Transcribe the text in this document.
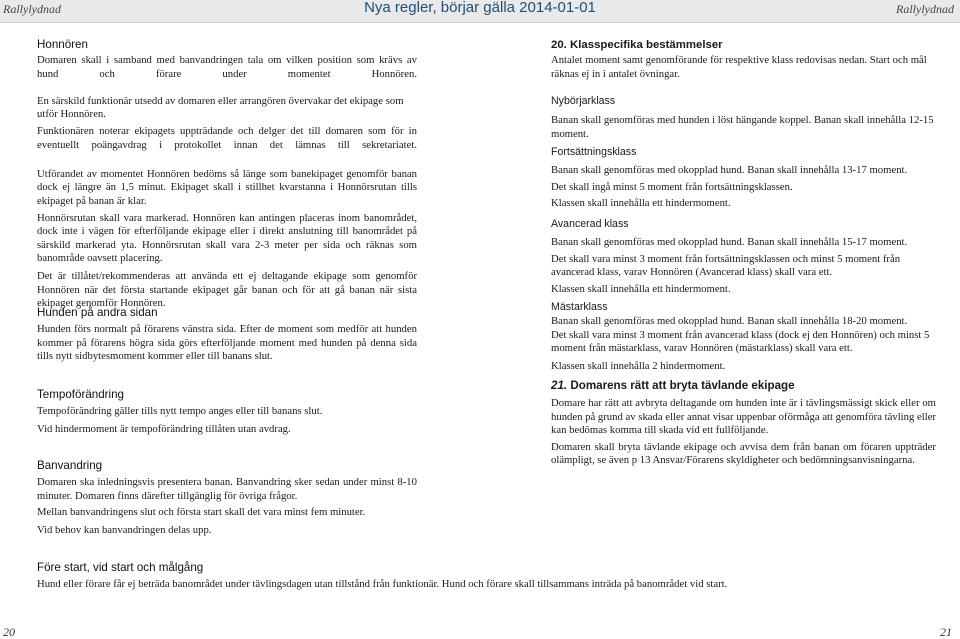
Rallylydnad	Nya regler, börjar gälla 2014-01-01	Rallylydnad
Honnören
Domaren skall i samband med banvandringen tala om vilken position som krävs av hund och förare under momentet Honnören.
En särskild funktionär utsedd av domaren eller arrangören övervakar det ekipage som utför Honnören.
Funktionären noterar ekipagets uppträdande och delger det till domaren som för in eventuellt poängavdrag i protokollet innan det lämnas till sekretariatet.
Utförandet av momentet Honnören bedöms så länge som banekipaget genomför banan dock ej längre än 1,5 minut. Ekipaget skall i stillhet kvarstanna i Honnörsrutan tills ekipaget på banan är klar.
Honnörsrutan skall vara markerad. Honnören kan antingen placeras inom banområdet, dock inte i vägen för efterföljande ekipage eller i direkt anslutning till banområdet på särskild markerad yta. Honnörsrutan skall vara 2-3 meter per sida och räknas som banområde oavsett placering.
Det är tillåtet/rekommenderas att använda ett ej deltagande ekipage som genomför Honnören när det första startande ekipaget går banan och för att gå banan när sista ekipaget genomför Honnören.
Hunden på andra sidan
Hunden förs normalt på förarens vänstra sida. Efter de moment som medför att hunden kommer på förarens högra sida görs efterföljande moment med hunden på denna sida tills nytt sidbytesmoment kommer eller till banans slut.
Tempoförändring
Tempoförändring gäller tills nytt tempo anges eller till banans slut.
Vid hindermoment är tempoförändring tillåten utan avdrag.
Banvandring
Domaren ska inledningsvis presentera banan. Banvandring sker sedan under minst 8-10 minuter. Domaren finns därefter tillgänglig för övriga frågor.
Mellan banvandringens slut och första start skall det vara minst fem minuter.
Vid behov kan banvandringen delas upp.
20. Klasspecifika bestämmelser
Antalet moment samt genomförande för respektive klass redovisas nedan. Start och mål räknas ej in i antalet övningar.
Nybörjarklass
Banan skall genomföras med hunden i löst hängande koppel. Banan skall innehålla 12-15 moment.
Fortsättningsklass
Banan skall genomföras med okopplad hund. Banan skall innehålla 13-17 moment.
Det skall ingå minst 5 moment från fortsättningsklassen.
Klassen skall innehålla ett hindermoment.
Avancerad klass
Banan skall genomföras med okopplad hund. Banan skall innehålla 15-17 moment.
Det skall vara minst 3 moment från fortsättningsklassen och minst 5 moment från avancerad klass, varav Honnören (Avancerad klass) skall vara ett.
Klassen skall innehålla ett hindermoment.
Mästarklass
Banan skall genomföras med okopplad hund. Banan skall innehålla 18-20 moment.
Det skall vara minst 3 moment från avancerad klass (dock ej den Honnören) och minst 5 moment från mästarklass, varav Honnören (mästarklass) skall vara ett.
Klassen skall innehålla 2 hindermoment.
21. Domarens rätt att bryta tävlande ekipage
Domare har rätt att avbryta deltagande om hunden inte är i tävlingsmässigt skick eller om hunden på grund av skada eller annat visar uppenbar oförmåga att genomföra tävling eller kan bedömas komma till skada vid ett fullföljande.
Domaren skall bryta tävlande ekipage och avvisa dem från banan om föraren uppträder olämpligt, se även p 13 Ansvar/Förarens skyldigheter och bedömningsanvisningarna.
Före start, vid start och målgång
Hund eller förare får ej beträda banområdet under tävlingsdagen utan tillstånd från funktionär. Hund och förare skall tillsammans inträda på banområdet vid start.
20	21
